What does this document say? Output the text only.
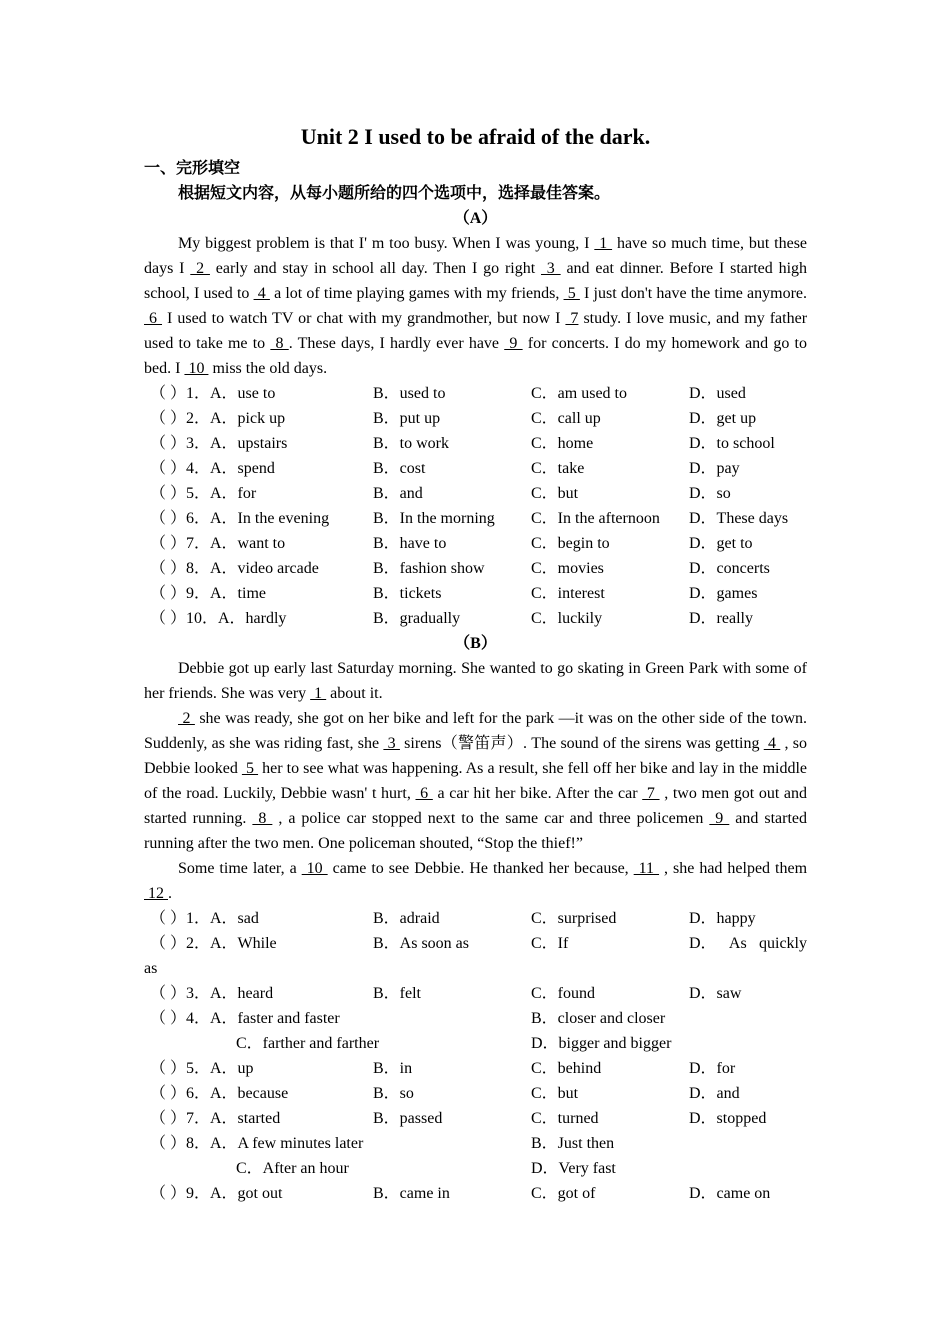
Unit 2 I used to be afraid of the dark.
一、完形填空
根据短文内容，从每小题所给的四个选项中，选择最佳答案。
（A）
My biggest problem is that I' m too busy. When I was young, I  1  have so much time, but these days I  2  early and stay in school all day. Then I go right  3  and eat dinner. Before I started high school, I used to  4  a lot of time playing games with my friends,  5  I just don't have the time anymore.  6  I used to watch TV or chat with my grandmother, but now I  7 study. I love music, and my father used to take me to  8 . These days, I hardly ever have  9  for concerts. I do my homework and go to bed. I  10  miss the old days.
（ ）1．A．use to	B．used to	C．am used to	D．used
（ ）2．A．pick up	B．put up	C．call up	D．get up
（ ）3．A．upstairs	B．to work	C．home	D．to school
（ ）4．A．spend	B．cost	C．take	D．pay
（ ）5．A．for	B．and	C．but	D．so
（ ）6．A．In the evening	B．In the morning C．In the afternoon D．These days
（ ）7．A．want to	B．have to	C．begin to	D．get to
（ ）8．A．video arcade	B．fashion show	C．movies	D．concerts
（ ）9．A．time	B．tickets	C．interest	D．games
（ ）10．A．hardly	B．gradually	C．luckily	D．really
（B）
Debbie got up early last Saturday morning. She wanted to go skating in Green Park with some of her friends. She was very  1  about it.
2  she was ready, she got on her bike and left for the park —it was on the other side of the town. Suddenly, as she was riding fast, she  3  sirens（警笛声）. The sound of the sirens was getting  4  , so Debbie looked  5  her to see what was happening. As a result, she fell off her bike and lay in the middle of the road. Luckily, Debbie wasn' t hurt,  6  a car hit her bike. After the car  7  , two men got out and started running.  8  , a police car stopped next to the same car and three policemen  9  and started running after the two men. One policeman shouted, “Stop the thief!”
Some time later, a  10  came to see Debbie. He thanked her because,  11  , she had helped them  12 .
（ ）1．A．sad	B．adraid	C．surprised	D．happy
（ ）2．A．While	B．As soon as	C．If	D． As quickly
as
（ ）3．A．heard	B．felt	C．found	D．saw
（ ）4．A．faster and faster	B．closer and closer
C．farther and farther	D．bigger and bigger
（ ）5．A．up	B．in	C．behind	D．for
（ ）6．A．because	B．so	C．but	D．and
（ ）7．A．started	B．passed	C．turned	D．stopped
（ ）8．A．A few minutes later	B．Just then
C．After an hour	D．Very fast
（ ）9．A．got out	B．came in	C．got of	D．came on
